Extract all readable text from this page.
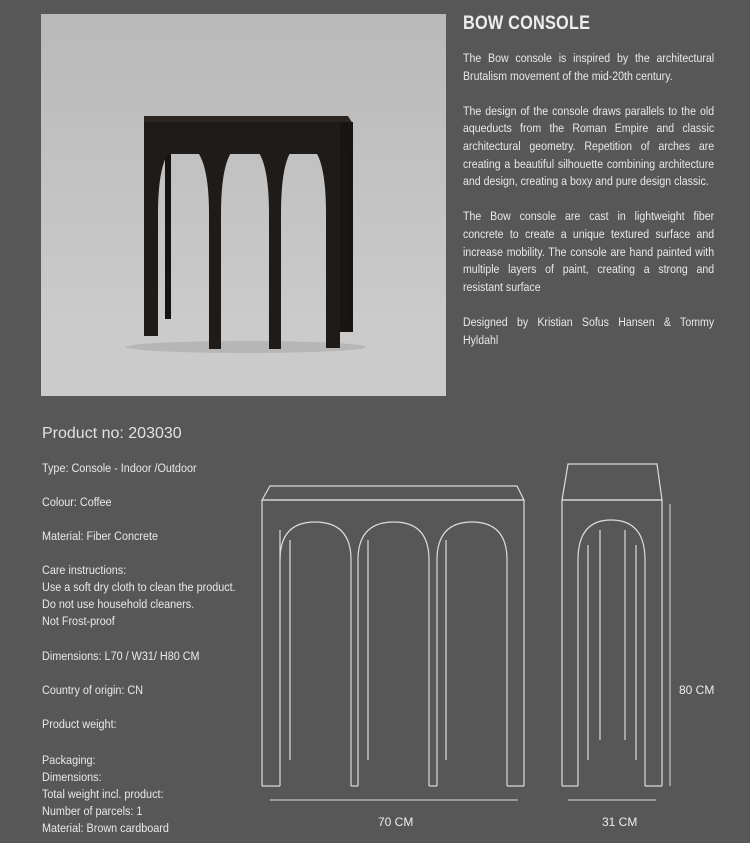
BOW CONSOLE

The Bow console is inspired by the architectural Brutalism movement of the mid-20th century.

The design of the console draws parallels to the old aqueducts from the Roman Empire and classic architectural geometry. Repetition of arches are creating a beautiful silhouette combining architecture and design, creating a boxy and pure design classic.

The Bow console are cast in lightweight fiber concrete to create a unique textured surface and increase mobility. The console are hand painted with multiple layers of paint, creating a strong and resistant surface

Designed by Kristian Sofus Hansen & Tommy Hyldahl

Product no: 203030
Type: Console - Indoor /Outdoor
Colour: Coffee
Material: Fiber Concrete
Care instructions:
Use a soft dry cloth to clean the product.
Do not use household cleaners.
Not Frost-proof
Dimensions: L70 / W31/ H80 CM
Country of origin: CN
Product weight:
Packaging:
Dimensions:
Total weight incl. product:
Number of parcels: 1
Material: Brown cardboard	70 CM	31 CM
80 CM
